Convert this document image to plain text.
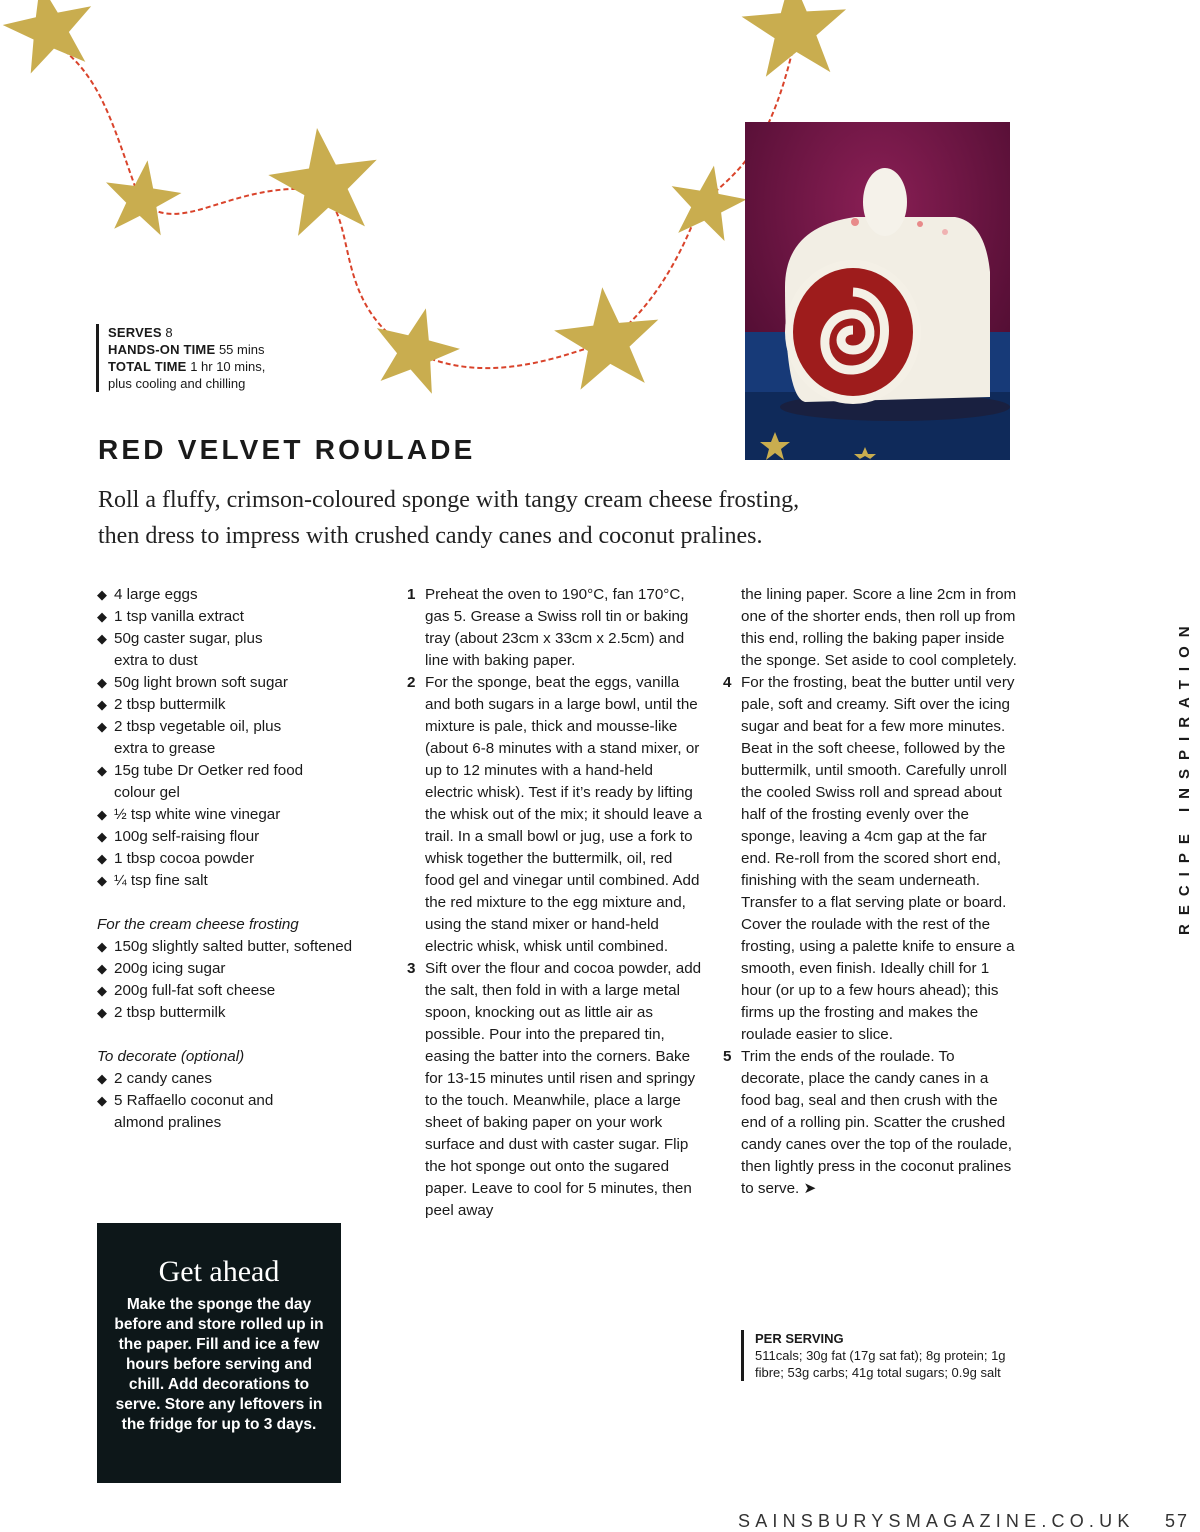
SERVES 8
HANDS-ON TIME 55 mins
TOTAL TIME 1 hr 10 mins,
plus cooling and chilling
RED VELVET ROULADE

Roll a fluffy, crimson-coloured sponge with tangy cream cheese frosting,
then dress to impress with crushed candy canes and coconut pralines.

◆ 4 large eggs
◆ 1 tsp vanilla extract
◆ 50g caster sugar, plus extra to dust
◆ 50g light brown soft sugar
◆ 2 tbsp buttermilk
◆ 2 tbsp vegetable oil, plus extra to grease
◆ 15g tube Dr Oetker red food colour gel
◆ ½ tsp white wine vinegar
◆ 100g self-raising flour
◆ 1 tbsp cocoa powder
◆ ¼ tsp fine salt
For the cream cheese frosting
◆ 150g slightly salted butter, softened
◆ 200g icing sugar
◆ 200g full-fat soft cheese
◆ 2 tbsp buttermilk
To decorate (optional)
◆ 2 candy canes
◆ 5 Raffaello coconut and almond pralines
1 Preheat the oven to 190°C, fan 170°C, gas 5. Grease a Swiss roll tin or baking tray (about 23cm x 33cm x 2.5cm) and line with baking paper.
2 For the sponge, beat the eggs, vanilla and both sugars in a large bowl, until the mixture is pale, thick and mousse-like (about 6-8 minutes with a stand mixer, or up to 12 minutes with a hand-held electric whisk). Test if it’s ready by lifting the whisk out of the mix; it should leave a trail. In a small bowl or jug, use a fork to whisk together the buttermilk, oil, red food gel and vinegar until combined. Add the red mixture to the egg mixture and, using the stand mixer or hand-held electric whisk, whisk until combined.
3 Sift over the flour and cocoa powder, add the salt, then fold in with a large metal spoon, knocking out as little air as possible. Pour into the prepared tin, easing the batter into the corners. Bake for 13-15 minutes until risen and springy to the touch. Meanwhile, place a large sheet of baking paper on your work surface and dust with caster sugar. Flip the hot sponge out onto the sugared paper. Leave to cool for 5 minutes, then peel away
the lining paper. Score a line 2cm in from one of the shorter ends, then roll up from this end, rolling the baking paper inside the sponge. Set aside to cool completely.
4 For the frosting, beat the butter until very pale, soft and creamy. Sift over the icing sugar and beat for a few more minutes. Beat in the soft cheese, followed by the buttermilk, until smooth. Carefully unroll the cooled Swiss roll and spread about half of the frosting evenly over the sponge, leaving a 4cm gap at the far end. Re-roll from the scored short end, finishing with the seam underneath. Transfer to a flat serving plate or board. Cover the roulade with the rest of the frosting, using a palette knife to ensure a smooth, even finish. Ideally chill for 1 hour (or up to a few hours ahead); this firms up the frosting and makes the roulade easier to slice.
5 Trim the ends of the roulade. To decorate, place the candy canes in a food bag, seal and then crush with the end of a rolling pin. Scatter the crushed candy canes over the top of the roulade, then lightly press in the coconut pralines to serve. ➤
Get ahead

Make the sponge the day before and store rolled up in the paper. Fill and ice a few hours before serving and chill. Add decorations to serve. Store any leftovers in the fridge for up to 3 days.

PER SERVING
511cals; 30g fat (17g sat fat); 8g protein; 1g fibre; 53g carbs; 41g total sugars; 0.9g salt
RECIPE INSPIRATION
SAINSBURYSMAGAZINE.CO.UK 57
